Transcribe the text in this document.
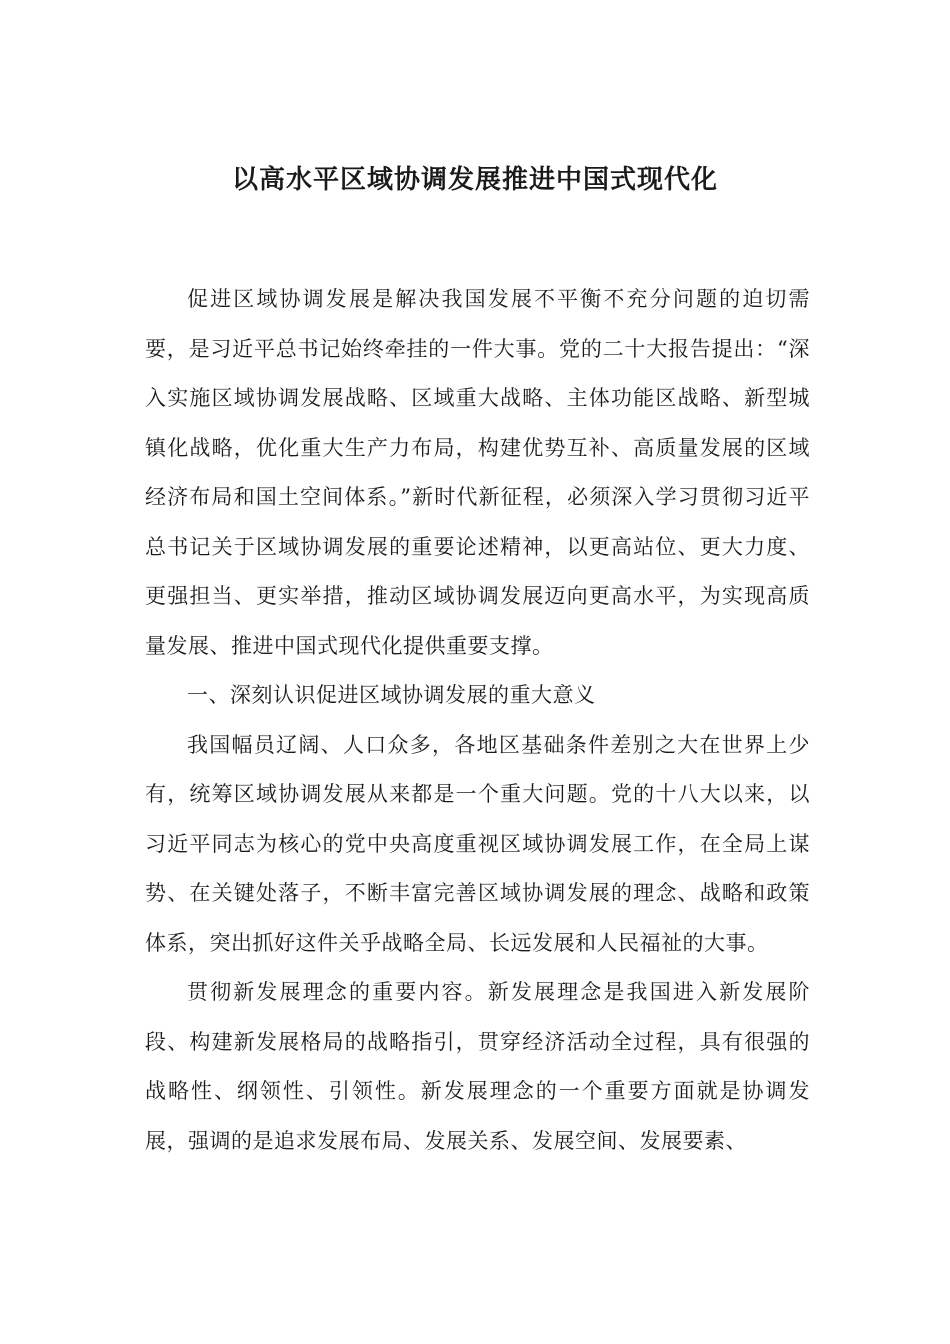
以高水平区域协调发展推进中国式现代化

促进区域协调发展是解决我国发展不平衡不充分问题的迫切需要，是习近平总书记始终牵挂的一件大事。党的二十大报告提出：“深入实施区域协调发展战略、区域重大战略、主体功能区战略、新型城镇化战略，优化重大生产力布局，构建优势互补、高质量发展的区域经济布局和国土空间体系。”新时代新征程，必须深入学习贯彻习近平总书记关于区域协调发展的重要论述精神，以更高站位、更大力度、更强担当、更实举措，推动区域协调发展迈向更高水平，为实现高质量发展、推进中国式现代化提供重要支撑。

一、深刻认识促进区域协调发展的重大意义

我国幅员辽阔、人口众多，各地区基础条件差别之大在世界上少有，统筹区域协调发展从来都是一个重大问题。党的十八大以来，以习近平同志为核心的党中央高度重视区域协调发展工作，在全局上谋势、在关键处落子，不断丰富完善区域协调发展的理念、战略和政策体系，突出抓好这件关乎战略全局、长远发展和人民福祉的大事。

贯彻新发展理念的重要内容。新发展理念是我国进入新发展阶段、构建新发展格局的战略指引，贯穿经济活动全过程，具有很强的战略性、纲领性、引领性。新发展理念的一个重要方面就是协调发展，强调的是追求发展布局、发展关系、发展空间、发展要素、
